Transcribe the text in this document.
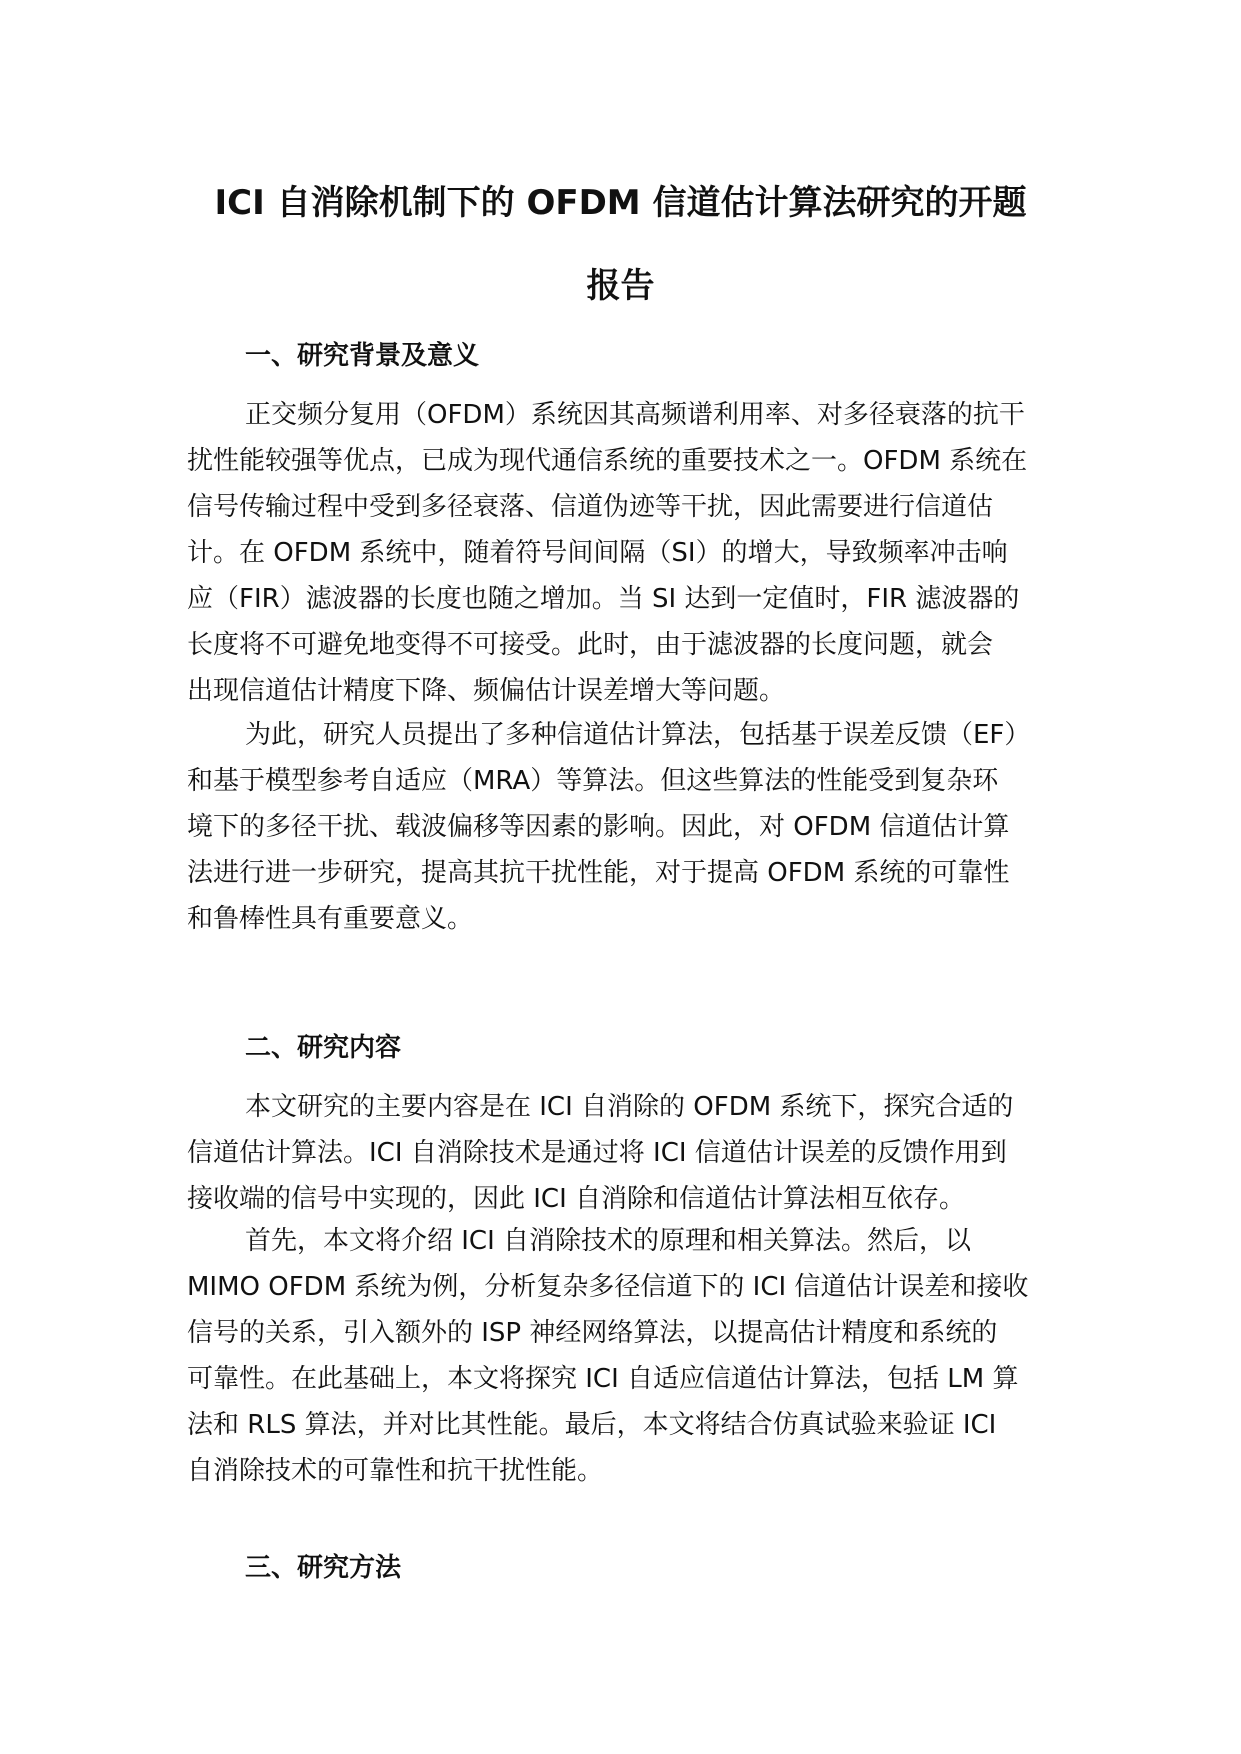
ICI 自消除机制下的 OFDM 信道估计算法研究的开题
报告
一、研究背景及意义

正交频分复用（OFDM）系统因其高频谱利用率、对多径衰落的抗干
扰性能较强等优点，已成为现代通信系统的重要技术之一。OFDM 系统在
信号传输过程中受到多径衰落、信道伪迹等干扰，因此需要进行信道估
计。在 OFDM 系统中，随着符号间间隔（SI）的增大，导致频率冲击响
应（FIR）滤波器的长度也随之增加。当 SI 达到一定值时，FIR 滤波器的
长度将不可避免地变得不可接受。此时，由于滤波器的长度问题，就会
出现信道估计精度下降、频偏估计误差增大等问题。

为此，研究人员提出了多种信道估计算法，包括基于误差反馈（EF）
和基于模型参考自适应（MRA）等算法。但这些算法的性能受到复杂环
境下的多径干扰、载波偏移等因素的影响。因此，对 OFDM 信道估计算
法进行进一步研究，提高其抗干扰性能，对于提高 OFDM 系统的可靠性
和鲁棒性具有重要意义。

二、研究内容

本文研究的主要内容是在 ICI 自消除的 OFDM 系统下，探究合适的
信道估计算法。ICI 自消除技术是通过将 ICI 信道估计误差的反馈作用到
接收端的信号中实现的，因此 ICI 自消除和信道估计算法相互依存。

首先，本文将介绍 ICI 自消除技术的原理和相关算法。然后，以
MIMO OFDM 系统为例，分析复杂多径信道下的 ICI 信道估计误差和接收
信号的关系，引入额外的 ISP 神经网络算法，以提高估计精度和系统的
可靠性。在此基础上，本文将探究 ICI 自适应信道估计算法，包括 LM 算
法和 RLS 算法，并对比其性能。最后，本文将结合仿真试验来验证 ICI
自消除技术的可靠性和抗干扰性能。

三、研究方法
